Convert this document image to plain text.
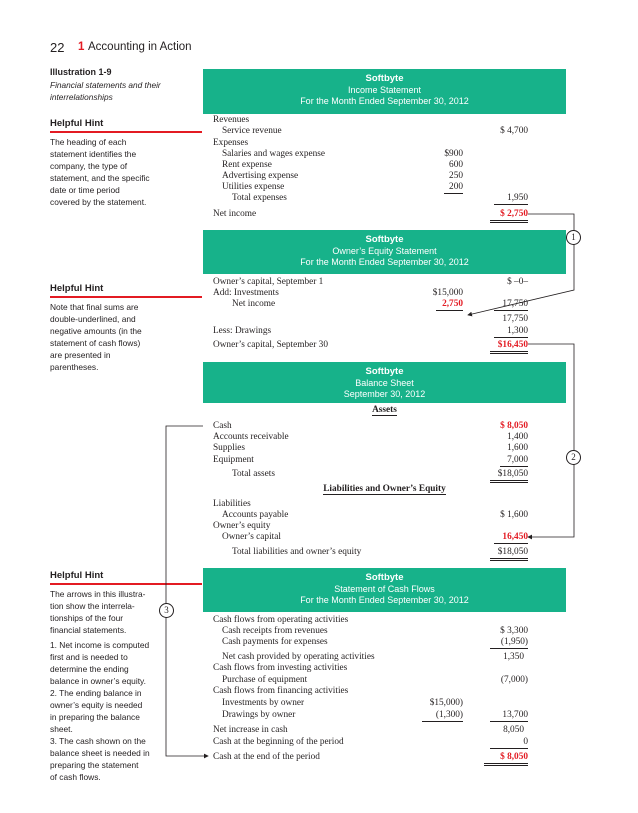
22 1 Accounting in Action
Illustration 1-9
Financial statements and their
interrelationships
Helpful Hint
The heading of each
statement identifies the
company, the type of
statement, and the specific
date or time period
covered by the statement.
Helpful Hint
Note that final sums are
double-underlined, and
negative amounts (in the
statement of cash flows)
are presented in
parentheses.
Helpful Hint
The arrows in this illustra-
tion show the interrela-
tionships of the four
financial statements.
1. Net income is computed
first and is needed to
determine the ending
balance in owner’s equity.
2. The ending balance in
owner’s equity is needed
in preparing the balance
sheet.
3. The cash shown on the
balance sheet is needed in
preparing the statement
of cash flows.
1
2
3
Softbyte
Income Statement
For the Month Ended September 30, 2012
Revenues
Service revenue	$ 4,700
Expenses
Salaries and wages expense	$900
Rent expense	600
Advertising expense	250
Utilities expense	200
Total expenses	1,950
Net income	$ 2,750
Softbyte
Owner’s Equity Statement
For the Month Ended September 30, 2012
Owner’s capital, September 1	$ –0–
Add: Investments	$15,000
Net income	2,750	17,750
17,750
Less: Drawings	1,300
Owner’s capital, September 30	$16,450
Softbyte
Balance Sheet
September 30, 2012
Assets
Cash	$ 8,050
Accounts receivable	1,400
Supplies	1,600
Equipment	7,000
Total assets	$18,050
Liabilities and Owner’s Equity
Liabilities
Accounts payable	$ 1,600
Owner’s equity
Owner’s capital	16,450
Total liabilities and owner’s equity	$18,050
Softbyte
Statement of Cash Flows
For the Month Ended September 30, 2012
Cash flows from operating activities
Cash receipts from revenues	$ 3,300
Cash payments for expenses	(1,950)
Net cash provided by operating activities	1,350
Cash flows from investing activities
Purchase of equipment	(7,000)
Cash flows from financing activities
Investments by owner	$15,000)
Drawings by owner	(1,300)	13,700
Net increase in cash	8,050
Cash at the beginning of the period	0
Cash at the end of the period	$ 8,050
